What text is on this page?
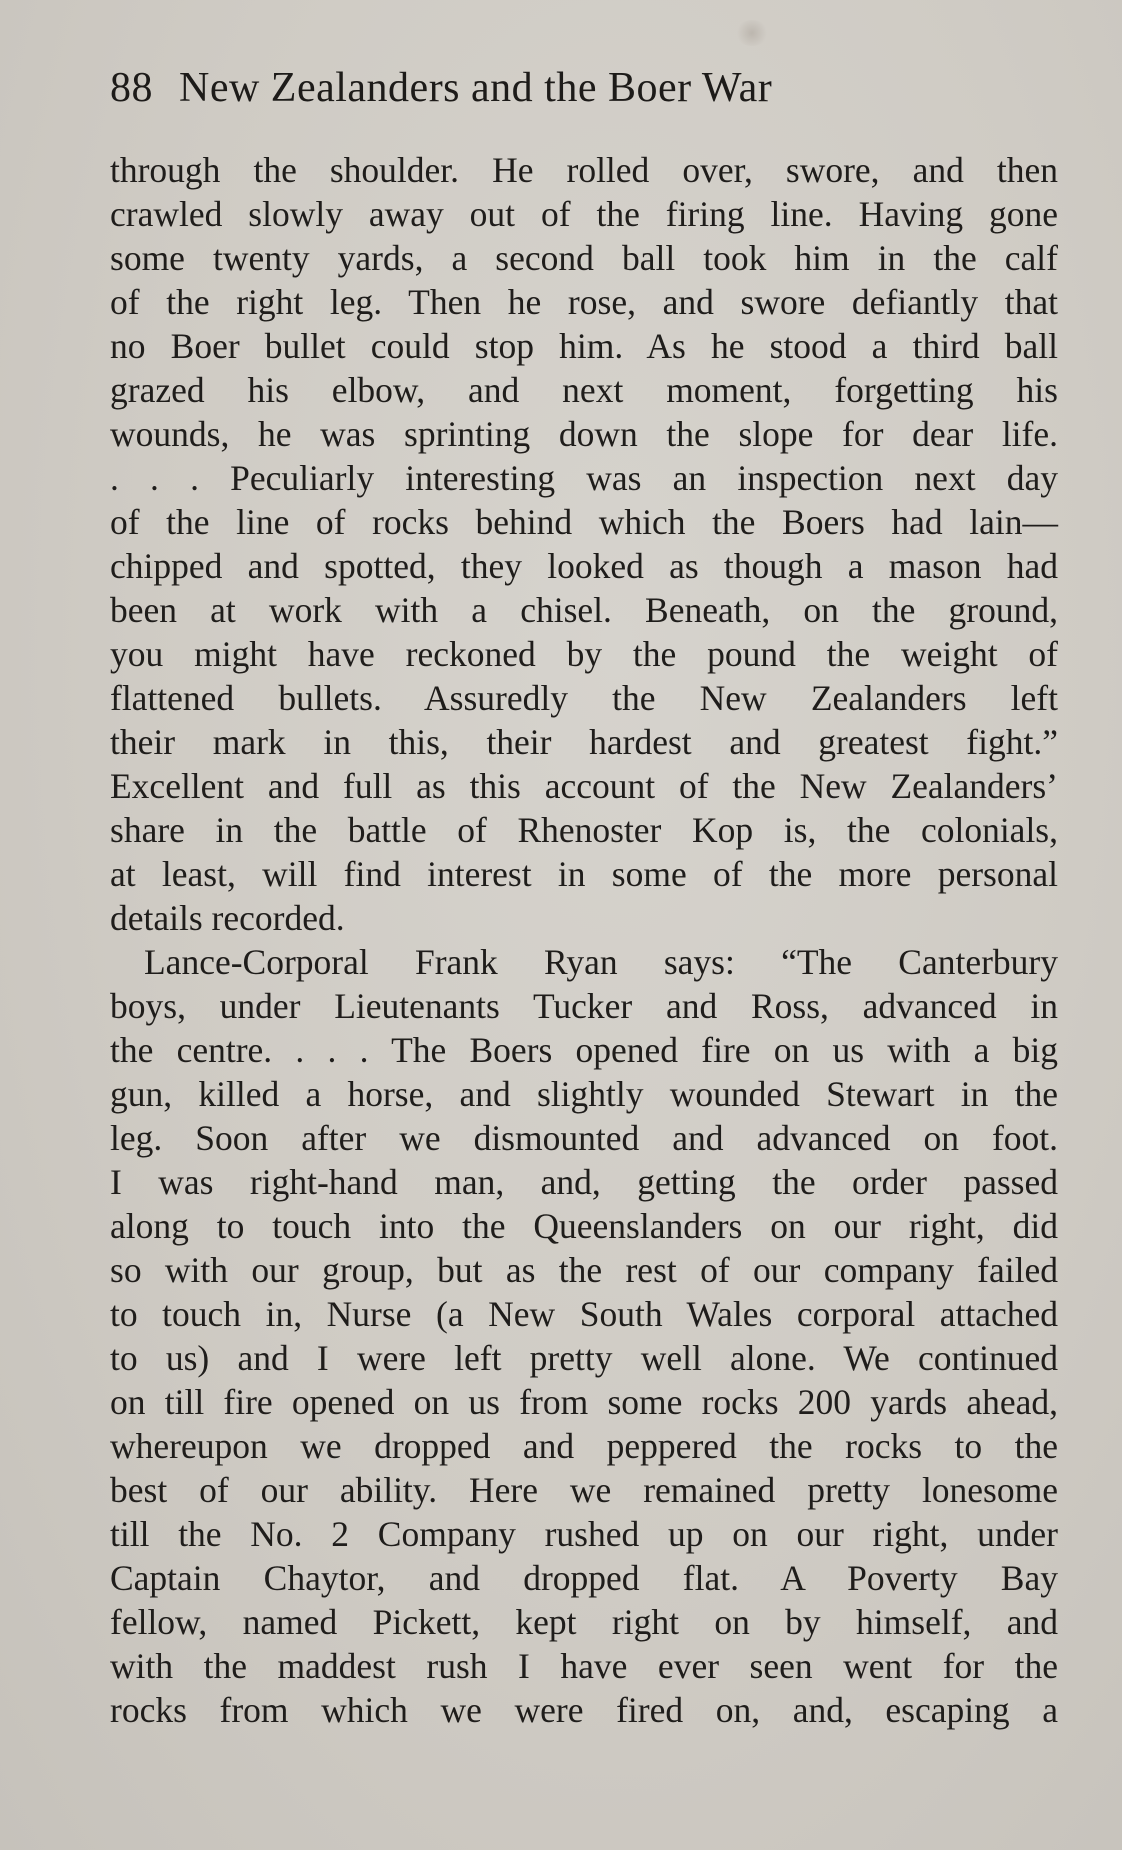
88 New Zealanders and the Boer War
through the shoulder. He rolled over, swore, and then
crawled slowly away out of the firing line. Having gone
some twenty yards, a second ball took him in the calf
of the right leg. Then he rose, and swore defiantly that
no Boer bullet could stop him. As he stood a third ball
grazed his elbow, and next moment, forgetting his
wounds, he was sprinting down the slope for dear life.
. . . Peculiarly interesting was an inspection next day
of the line of rocks behind which the Boers had lain—
chipped and spotted, they looked as though a mason had
been at work with a chisel. Beneath, on the ground,
you might have reckoned by the pound the weight of
flattened bullets. Assuredly the New Zealanders left
their mark in this, their hardest and greatest fight.”
Excellent and full as this account of the New Zealanders’
share in the battle of Rhenoster Kop is, the colonials,
at least, will find interest in some of the more personal
details recorded.
Lance-Corporal Frank Ryan says: “The Canterbury
boys, under Lieutenants Tucker and Ross, advanced in
the centre. . . . The Boers opened fire on us with a big
gun, killed a horse, and slightly wounded Stewart in the
leg. Soon after we dismounted and advanced on foot.
I was right-hand man, and, getting the order passed
along to touch into the Queenslanders on our right, did
so with our group, but as the rest of our company failed
to touch in, Nurse (a New South Wales corporal attached
to us) and I were left pretty well alone. We continued
on till fire opened on us from some rocks 200 yards ahead,
whereupon we dropped and peppered the rocks to the
best of our ability. Here we remained pretty lonesome
till the No. 2 Company rushed up on our right, under
Captain Chaytor, and dropped flat. A Poverty Bay
fellow, named Pickett, kept right on by himself, and
with the maddest rush I have ever seen went for the
rocks from which we were fired on, and, escaping a
